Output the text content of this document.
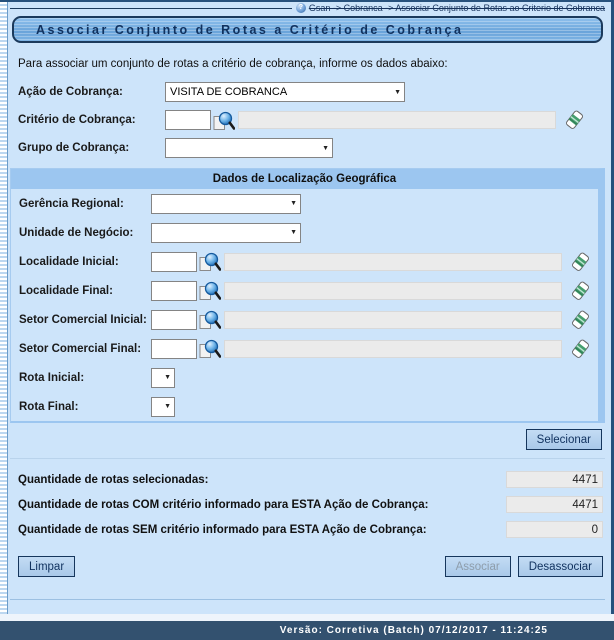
? Gsan -> Cobranca -> Associar Conjunto de Rotas ao Criterio de Cobranca
Associar Conjunto de Rotas a Critério de Cobrança
Para associar um conjunto de rotas a critério de cobrança, informe os dados abaixo:
Ação de Cobrança:	VISITA DE COBRANCA	▼
Critério de Cobrança:
Grupo de Cobrança:	▼
Dados de Localização Geográfica
Gerência Regional:	▼
Unidade de Negócio:	▼
Localidade Inicial:
Localidade Final:
Setor Comercial Inicial:
Setor Comercial Final:
Rota Inicial:	▼
Rota Final:	▼
Selecionar
Quantidade de rotas selecionadas:	4471
Quantidade de rotas COM critério informado para ESTA Ação de Cobrança:	4471
Quantidade de rotas SEM critério informado para ESTA Ação de Cobrança:	0
Limpar	Associar	Desassociar
Versão: Corretiva (Batch) 07/12/2017 - 11:24:25
